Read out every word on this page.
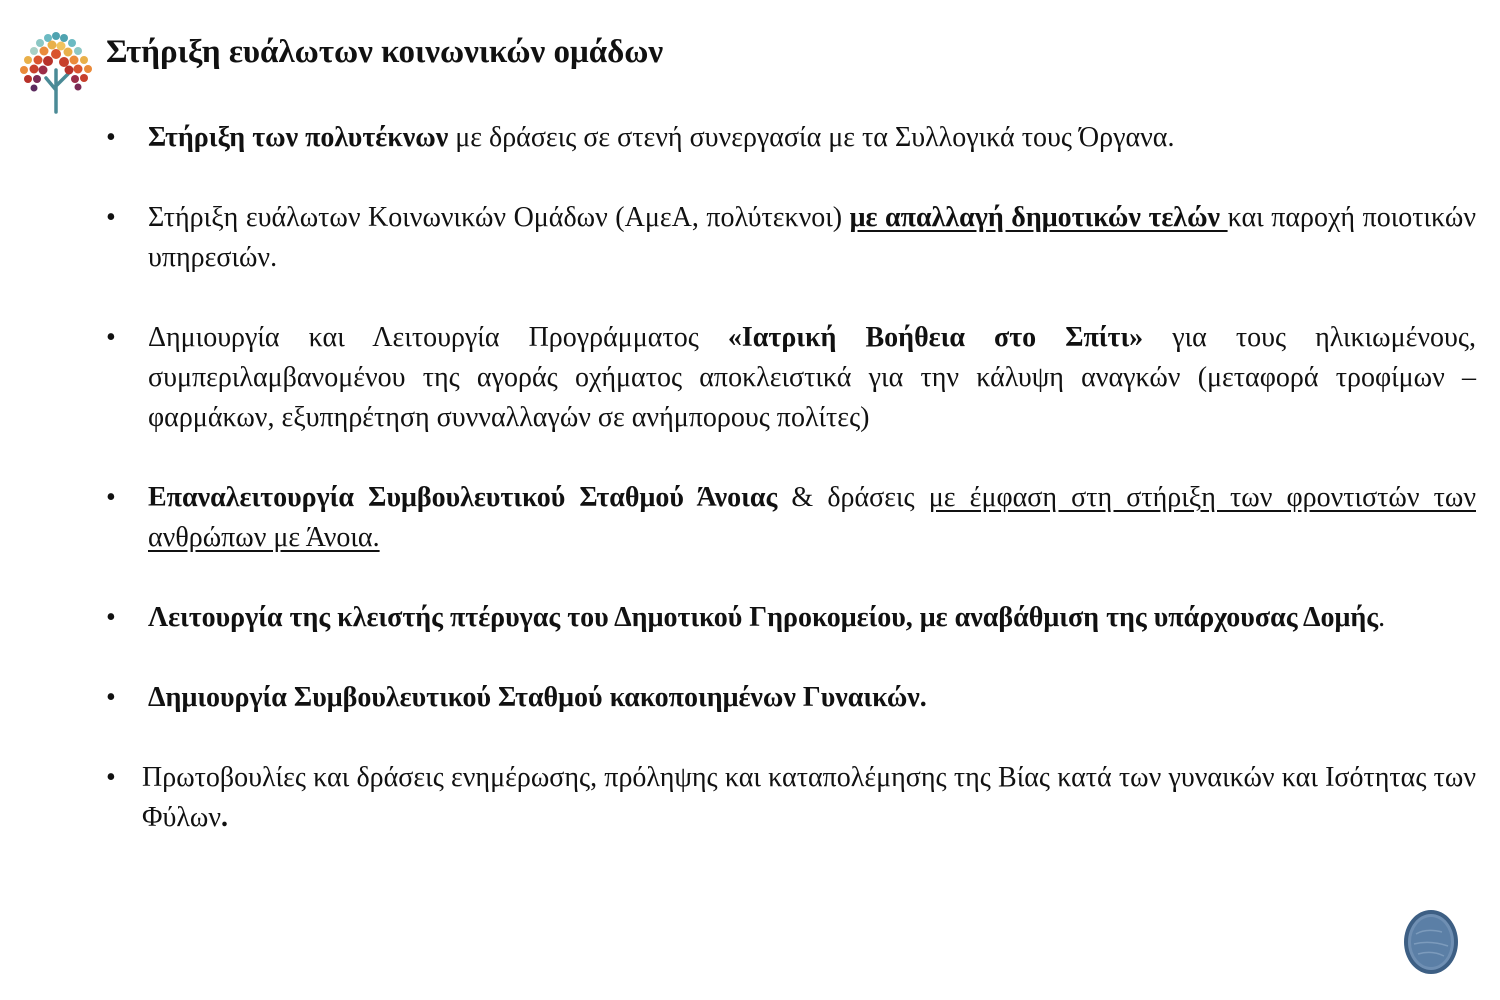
Στήριξη ευάλωτων κοινωνικών ομάδων
•	Στήριξη των πολυτέκνων με δράσεις σε στενή συνεργασία με τα Συλλογικά τους Όργανα.
•	Στήριξη ευάλωτων Κοινωνικών Ομάδων (ΑμεΑ, πολύτεκνοι) με απαλλαγή δημοτικών τελών και παροχή ποιοτικών υπηρεσιών.
•	Δημιουργία και Λειτουργία Προγράμματος «Ιατρική Βοήθεια στο Σπίτι» για τους ηλικιωμένους, συμπεριλαμβανομένου της αγοράς οχήματος αποκλειστικά για την κάλυψη αναγκών (μεταφορά τροφίμων – φαρμάκων, εξυπηρέτηση συνναλλαγών σε ανήμπορους πολίτες)
•	Επαναλειτουργία Συμβουλευτικού Σταθμού Άνοιας & δράσεις με έμφαση στη στήριξη των φροντιστών των ανθρώπων με Άνοια.
•	Λειτουργία της κλειστής πτέρυγας του Δημοτικού Γηροκομείου, με αναβάθμιση της υπάρχουσας Δομής.
•	Δημιουργία Συμβουλευτικού Σταθμού κακοποιημένων Γυναικών.
• Πρωτοβουλίες και δράσεις ενημέρωσης, πρόληψης και καταπολέμησης της Βίας κατά των γυναικών και Ισότητας των Φύλων.
